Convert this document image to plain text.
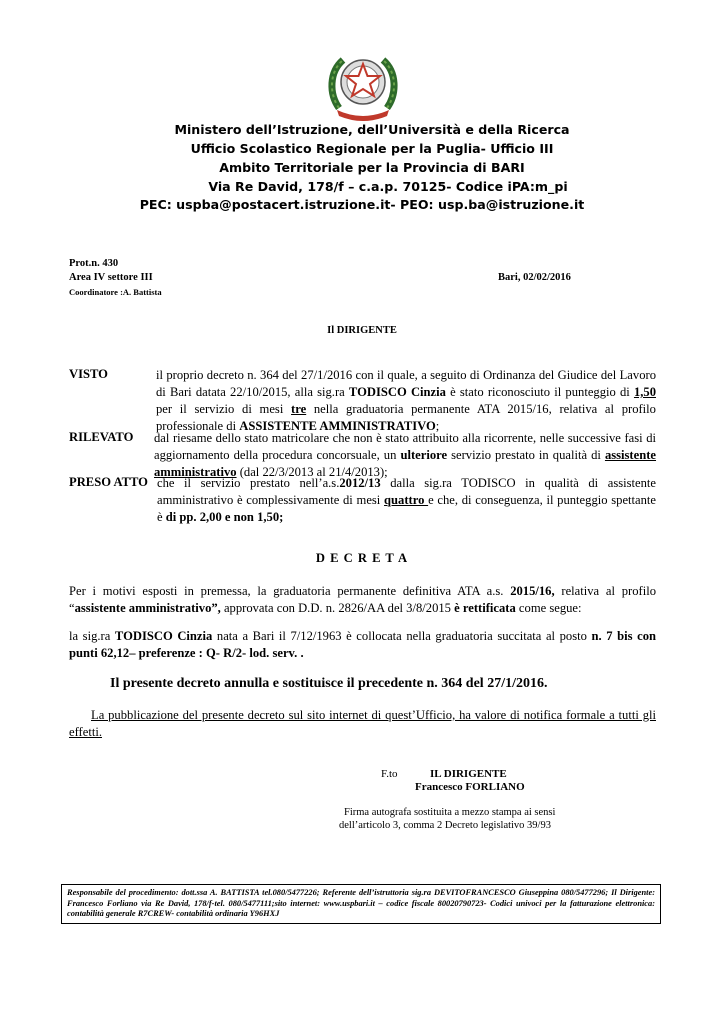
Ministero dell’Istruzione, dell’Università e della Ricerca
Ufficio Scolastico Regionale per la Puglia- Ufficio III
Ambito Territoriale per la Provincia di BARI
Via Re David, 178/f – c.a.p. 70125- Codice iPA:m_pi
PEC: uspba@postacert.istruzione.it- PEO: usp.ba@istruzione.it
Prot.n. 430
Area IV settore III
Coordinatore :A. Battista
Bari, 02/02/2016
Il DIRIGENTE
VISTO	il proprio decreto n. 364 del 27/1/2016 con il quale, a seguito di Ordinanza del Giudice del Lavoro di Bari datata 22/10/2015, alla sig.ra TODISCO Cinzia è stato riconosciuto il punteggio di 1,50 per il servizio di mesi tre nella graduatoria permanente ATA 2015/16, relativa al profilo professionale di ASSISTENTE AMMINISTRATIVO;
RILEVATO dal riesame dello stato matricolare che non è stato attribuito alla ricorrente, nelle successive fasi di aggiornamento della procedura concorsuale, un ulteriore servizio prestato in qualità di assistente amministrativo (dal 22/3/2013 al 21/4/2013);
PRESO ATTO che il servizio prestato nell’a.s.2012/13 dalla sig.ra TODISCO in qualità di assistente amministrativo è complessivamente di mesi quattro e che, di conseguenza, il punteggio spettante è di pp. 2,00 e non 1,50;
D E C R E T A
Per i motivi esposti in premessa, la graduatoria permanente definitiva ATA a.s. 2015/16, relativa al profilo “assistente amministrativo”, approvata con D.D. n. 2826/AA del 3/8/2015 è rettificata come segue:
la sig.ra TODISCO Cinzia nata a Bari il 7/12/1963 è collocata nella graduatoria succitata al posto n. 7 bis con punti 62,12– preferenze : Q- R/2- lod. serv. .
Il presente decreto annulla e sostituisce il precedente n. 364 del 27/1/2016.
La pubblicazione del presente decreto sul sito internet di quest’Ufficio, ha valore di notifica formale a tutti gli effetti.
F.to	IL DIRIGENTE
Francesco FORLIANO
Firma autografa sostituita a mezzo stampa ai sensi
dell’articolo 3, comma 2 Decreto legislativo 39/93
Responsabile del procedimento: dott.ssa A. BATTISTA tel.080/5477226; Referente dell’istruttoria sig.ra DEVITOFRANCESCO Giuseppina 080/5477296; Il Dirigente: Francesco Forliano via Re David, 178/f-tel. 080/5477111;sito internet: www.uspbari.it – codice fiscale 80020790723- Codici univoci per la fatturazione elettronica: contabilità generale R7CREW- contabilità ordinaria Y96HXJ
